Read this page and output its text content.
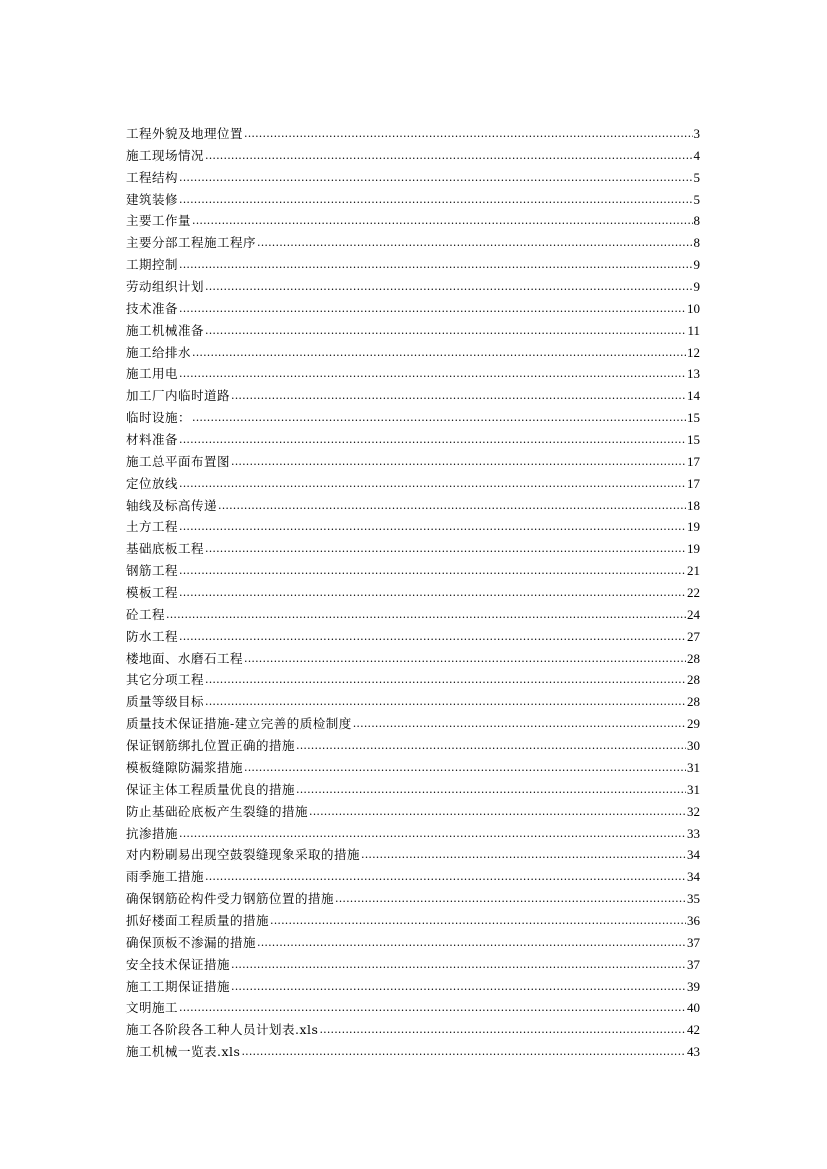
工程外貌及地理位置 .....	3
施工现场情况 .....	4
工程结构 .....	5
建筑装修 .....	5
主要工作量 .....	8
主要分部工程施工程序 .....	8
工期控制 .....	9
劳动组织计划 .....	9
技术准备 .....	10
施工机械准备 .....	11
施工给排水 .....	12
施工用电 .....	13
加工厂内临时道路 .....	14
临时设施： .....	15
材料准备 .....	15
施工总平面布置图 .....	17
定位放线 .....	17
轴线及标高传递 .....	18
土方工程 .....	19
基础底板工程 .....	19
钢筋工程 .....	21
模板工程 .....	22
砼工程 .....	24
防水工程 .....	27
楼地面、水磨石工程 .....	28
其它分项工程 .....	28
质量等级目标 .....	28
质量技术保证措施-建立完善的质检制度 .....	29
保证钢筋绑扎位置正确的措施 .....	30
模板缝隙防漏浆措施 .....	31
保证主体工程质量优良的措施 .....	31
防止基础砼底板产生裂缝的措施 .....	32
抗渗措施 .....	33
对内粉刷易出现空鼓裂缝现象采取的措施 .....	34
雨季施工措施 .....	34
确保钢筋砼构件受力钢筋位置的措施 .....	35
抓好楼面工程质量的措施 .....	36
确保顶板不渗漏的措施 .....	37
安全技术保证措施 .....	37
施工工期保证措施 .....	39
文明施工 .....	40
施工各阶段各工种人员计划表.xls .....	42
施工机械一览表.xls .....	43
